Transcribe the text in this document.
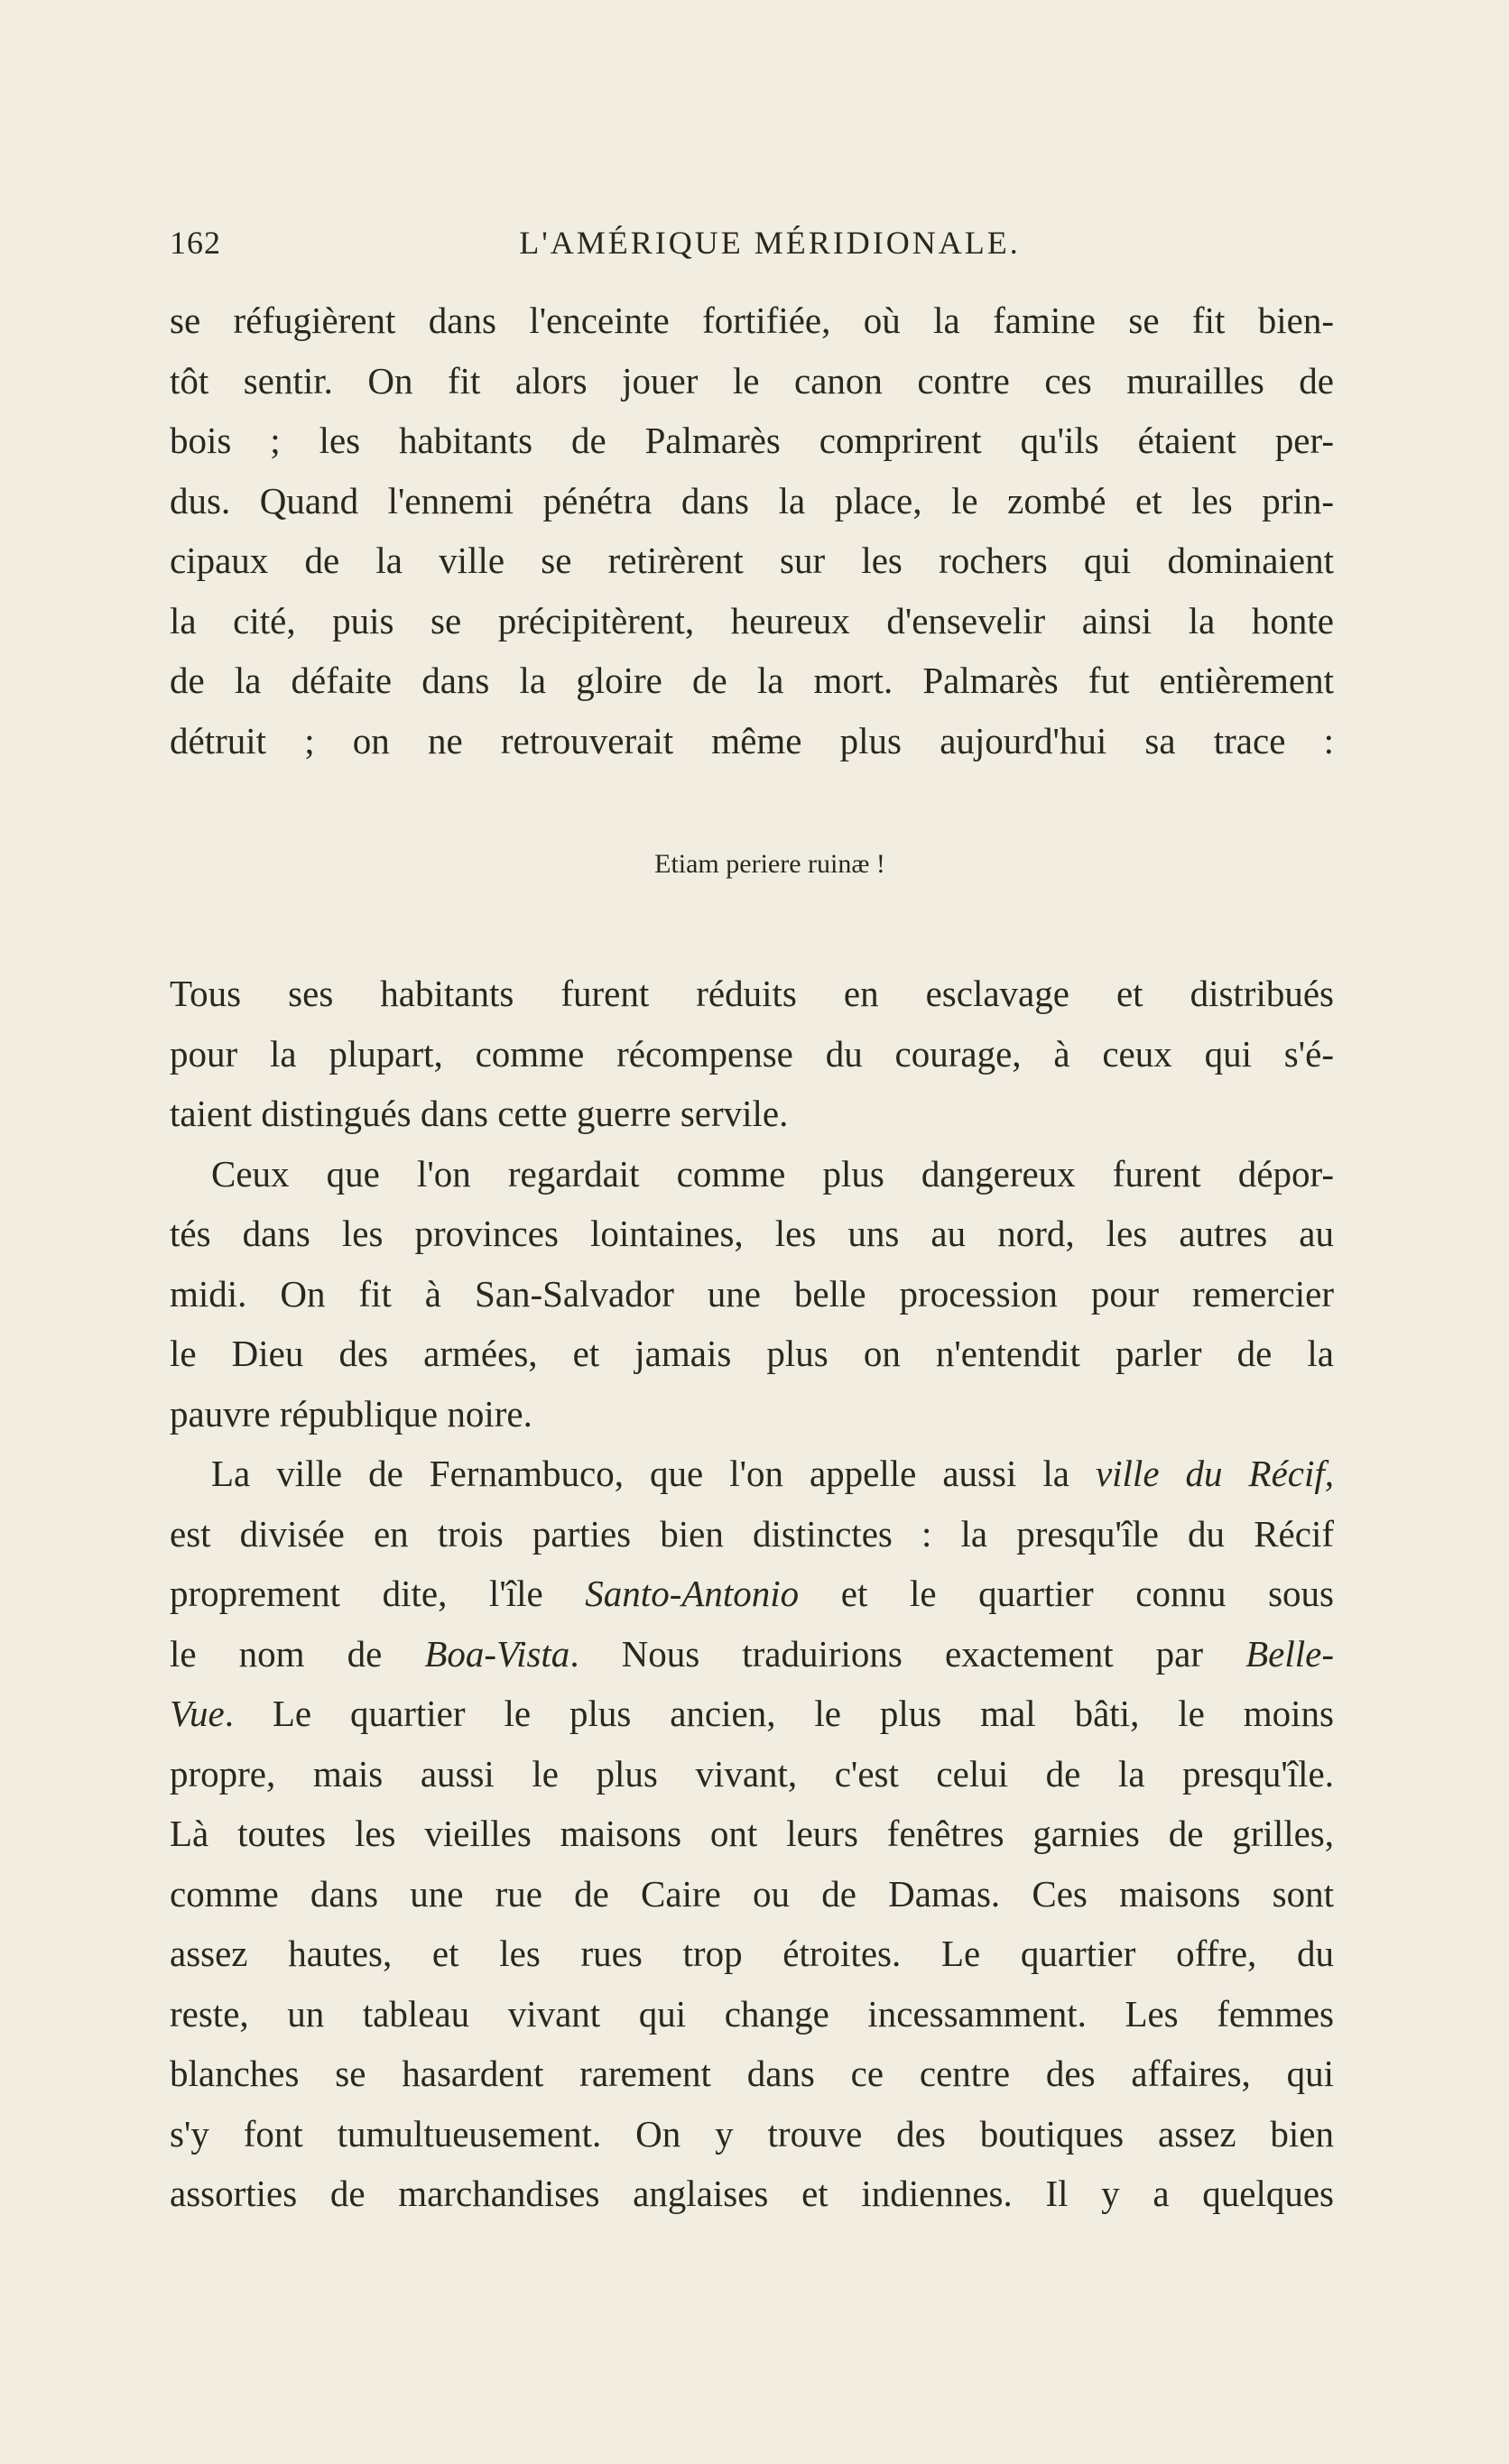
162	L'AMÉRIQUE MÉRIDIONALE.
se réfugièrent dans l'enceinte fortifiée, où la famine se fit bien-
tôt sentir. On fit alors jouer le canon contre ces murailles de
bois ; les habitants de Palmarès comprirent qu'ils étaient per-
dus. Quand l'ennemi pénétra dans la place, le zombé et les prin-
cipaux de la ville se retirèrent sur les rochers qui dominaient
la cité, puis se précipitèrent, heureux d'ensevelir ainsi la honte
de la défaite dans la gloire de la mort. Palmarès fut entièrement
détruit ; on ne retrouverait même plus aujourd'hui sa trace :
Etiam periere ruinæ !
Tous ses habitants furent réduits en esclavage et distribués
pour la plupart, comme récompense du courage, à ceux qui s'é-
taient distingués dans cette guerre servile.
Ceux que l'on regardait comme plus dangereux furent dépor-
tés dans les provinces lointaines, les uns au nord, les autres au
midi. On fit à San-Salvador une belle procession pour remercier
le Dieu des armées, et jamais plus on n'entendit parler de la
pauvre république noire.
La ville de Fernambuco, que l'on appelle aussi la ville du Récif,
est divisée en trois parties bien distinctes : la presqu'île du Récif
proprement dite, l'île Santo-Antonio et le quartier connu sous
le nom de Boa-Vista. Nous traduirions exactement par Belle-
Vue. Le quartier le plus ancien, le plus mal bâti, le moins
propre, mais aussi le plus vivant, c'est celui de la presqu'île.
Là toutes les vieilles maisons ont leurs fenêtres garnies de grilles,
comme dans une rue de Caire ou de Damas. Ces maisons sont
assez hautes, et les rues trop étroites. Le quartier offre, du
reste, un tableau vivant qui change incessamment. Les femmes
blanches se hasardent rarement dans ce centre des affaires, qui
s'y font tumultueusement. On y trouve des boutiques assez bien
assorties de marchandises anglaises et indiennes. Il y a quelques
